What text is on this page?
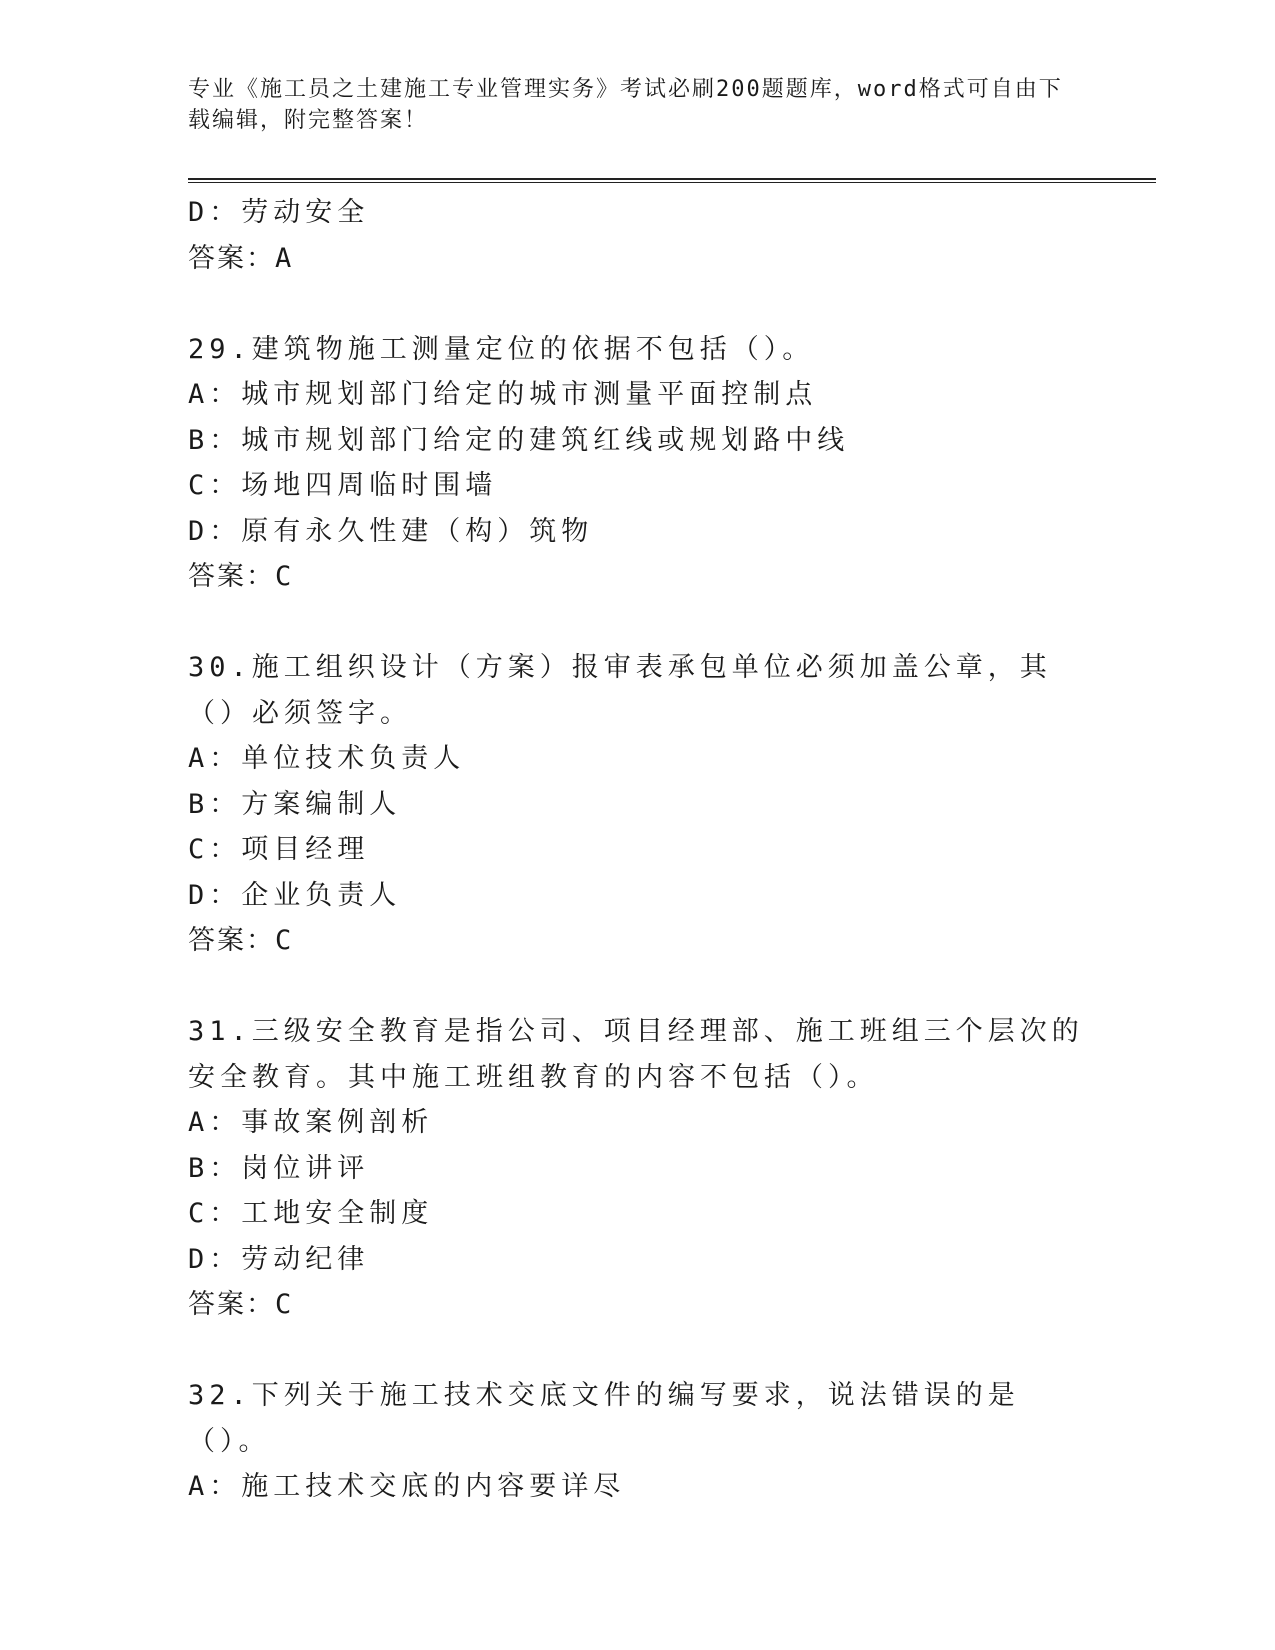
专业《施工员之土建施工专业管理实务》考试必刷200题题库，word格式可自由下载编辑，附完整答案！
D：劳动安全
答案：A
29.建筑物施工测量定位的依据不包括（）。
A：城市规划部门给定的城市测量平面控制点
B：城市规划部门给定的建筑红线或规划路中线
C：场地四周临时围墙
D：原有永久性建（构）筑物
答案：C
30.施工组织设计（方案）报审表承包单位必须加盖公章，其（）必须签字。
A：单位技术负责人
B：方案编制人
C：项目经理
D：企业负责人
答案：C
31.三级安全教育是指公司、项目经理部、施工班组三个层次的安全教育。其中施工班组教育的内容不包括（）。
A：事故案例剖析
B：岗位讲评
C：工地安全制度
D：劳动纪律
答案：C
32.下列关于施工技术交底文件的编写要求，说法错误的是（）。
A：施工技术交底的内容要详尽
